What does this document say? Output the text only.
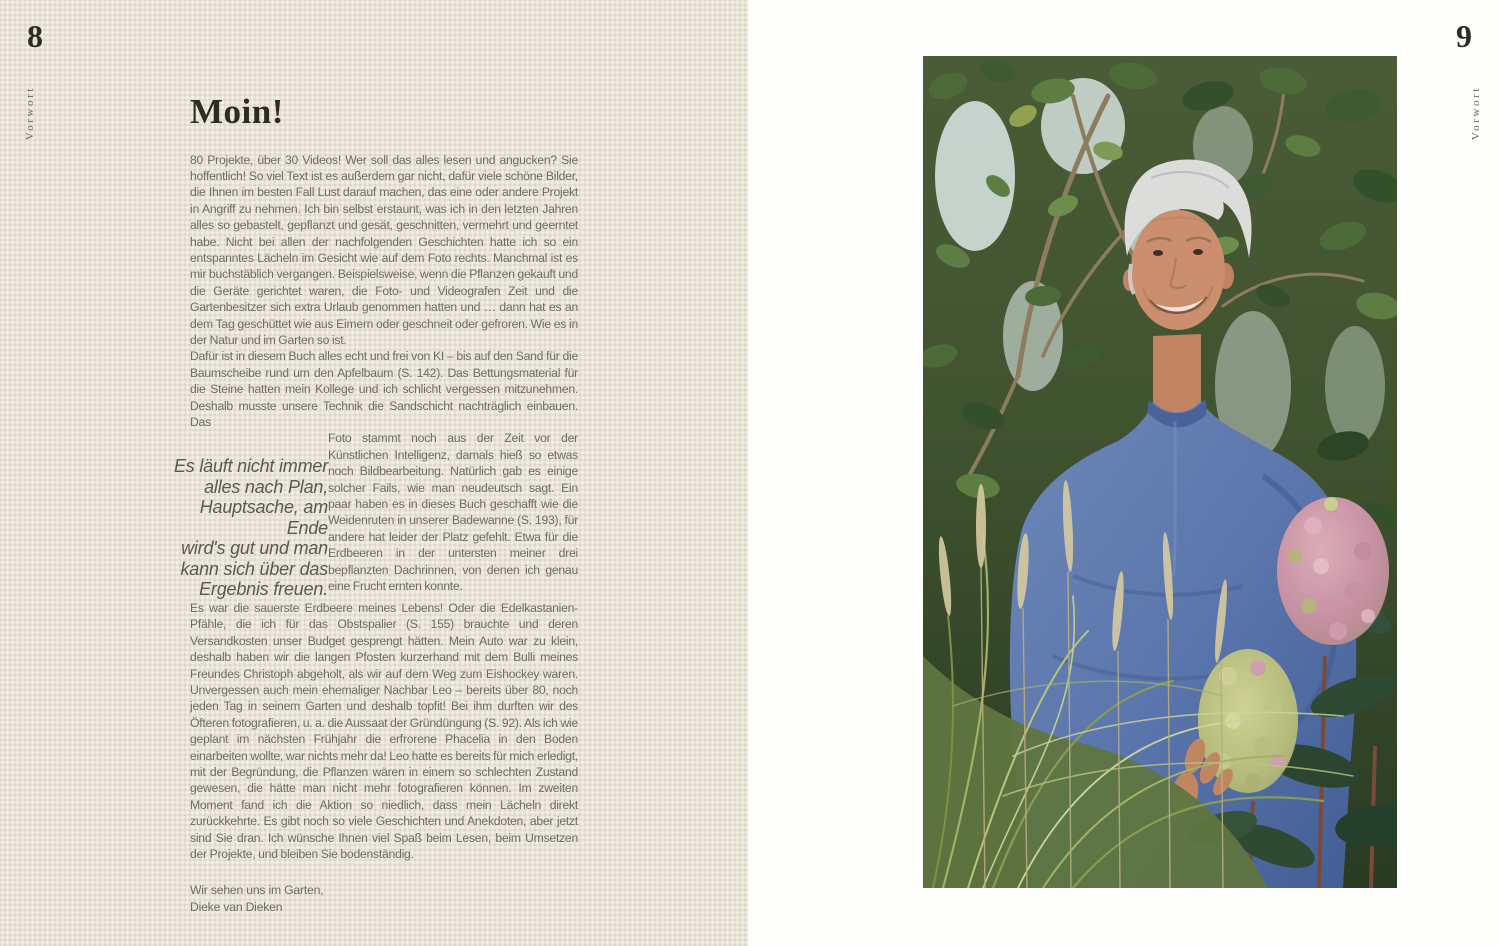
8
Vorwort	Moin!

80 Projekte, über 30 Videos! Wer soll das alles lesen und angucken? Sie hoffentlich! So viel Text ist es außerdem gar nicht, dafür viele schöne Bilder, die Ihnen im besten Fall Lust darauf machen, das eine oder andere Projekt in Angriff zu nehmen. Ich bin selbst erstaunt, was ich in den letzten Jahren alles so gebastelt, gepflanzt und gesät, geschnitten, vermehrt und geerntet habe. Nicht bei allen der nachfolgenden Geschichten hatte ich so ein entspanntes Lächeln im Gesicht wie auf dem Foto rechts. Manchmal ist es mir buchstäblich vergangen. Beispielsweise, wenn die Pflanzen gekauft und die Geräte gerichtet waren, die Foto- und Videografen Zeit und die Gartenbesitzer sich extra Urlaub genommen hatten und … dann hat es an dem Tag geschüttet wie aus Eimern oder geschneit oder gefroren. Wie es in der Natur und im Garten so ist.

Dafür ist in diesem Buch alles echt und frei von KI – bis auf den Sand für die Baumscheibe rund um den Apfelbaum (S. 142). Das Bettungsmaterial für die Steine hatten mein Kollege und ich schlicht vergessen mitzunehmen. Deshalb musste unsere Technik die Sandschicht nachträglich einbauen. Das

Es läuft nicht immer
alles nach Plan,
Hauptsache, am Ende
wird's gut und man
kann sich über das
Ergebnis freuen.

Foto stammt noch aus der Zeit vor der Künstlichen Intelligenz, damals hieß so etwas noch Bildbearbeitung. Natürlich gab es einige solcher Fails, wie man neudeutsch sagt. Ein paar haben es in dieses Buch geschafft wie die Weidenruten in unserer Badewanne (S. 193), für andere hat leider der Platz gefehlt. Etwa für die Erdbeeren in der untersten meiner drei bepflanzten Dachrinnen, von denen ich genau eine Frucht ernten konnte.

Es war die sauerste Erdbeere meines Lebens! Oder die Edelkastanien-Pfähle, die ich für das Obstspalier (S. 155) brauchte und deren Versandkosten unser Budget gesprengt hätten. Mein Auto war zu klein, deshalb haben wir die langen Pfosten kurzerhand mit dem Bulli meines Freundes Christoph abgeholt, als wir auf dem Weg zum Eishockey waren. Unvergessen auch mein ehemaliger Nachbar Leo – bereits über 80, noch jeden Tag in seinem Garten und deshalb topfit! Bei ihm durften wir des Öfteren fotografieren, u. a. die Aussaat der Gründüngung (S. 92). Als ich wie geplant im nächsten Frühjahr die erfrorene Phacelia in den Boden einarbeiten wollte, war nichts mehr da! Leo hatte es bereits für mich erledigt, mit der Begründung, die Pflanzen wären in einem so schlechten Zustand gewesen, die hätte man nicht mehr fotografieren können. Im zweiten Moment fand ich die Aktion so niedlich, dass mein Lächeln direkt zurückkehrte. Es gibt noch so viele Geschichten und Anekdoten, aber jetzt sind Sie dran. Ich wünsche Ihnen viel Spaß beim Lesen, beim Umsetzen der Projekte, und bleiben Sie bodenständig.

Wir sehen uns im Garten,
Dieke van Dieken
9
Vorwort
